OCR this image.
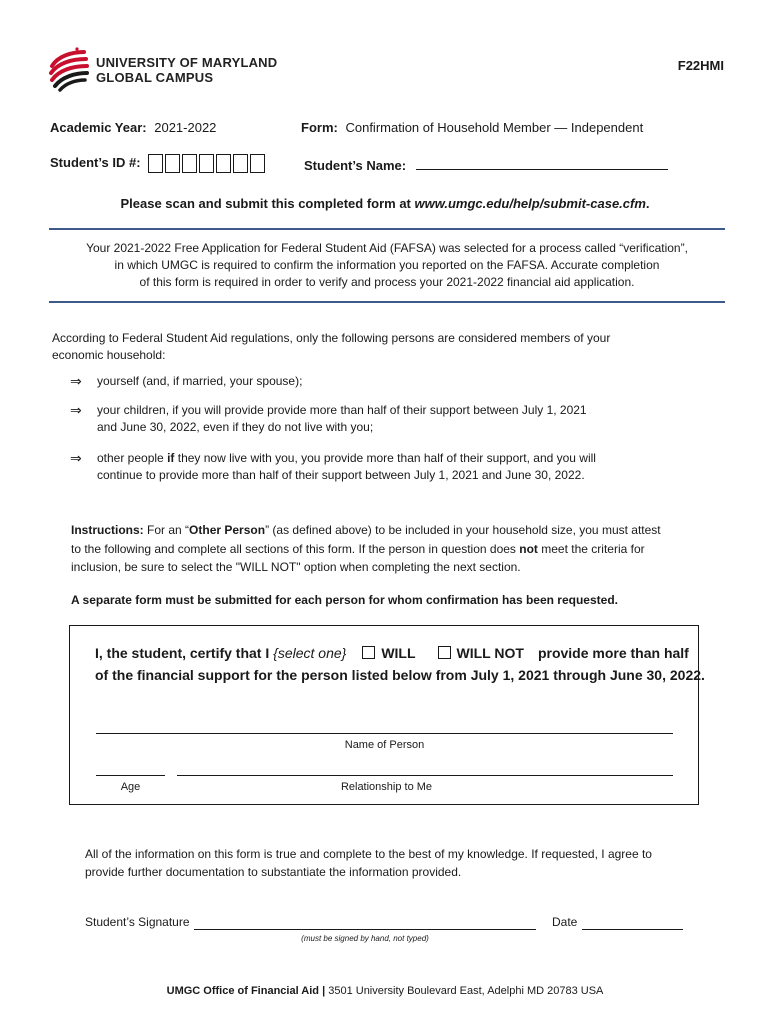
UNIVERSITY OF MARYLAND
GLOBAL CAMPUS
F22HMI
Academic Year: 2021-2022	Form: Confirmation of Household Member — Independent
Student’s ID #:	Student’s Name:
Please scan and submit this completed form at www.umgc.edu/help/submit-case.cfm.
Your 2021-2022 Free Application for Federal Student Aid (FAFSA) was selected for a process called “verification”,
in which UMGC is required to confirm the information you reported on the FAFSA. Accurate completion
of this form is required in order to verify and process your 2021-2022 financial aid application.
According to Federal Student Aid regulations, only the following persons are considered members of your
economic household:
⇒ yourself (and, if married, your spouse);
⇒ your children, if you will provide provide more than half of their support between July 1, 2021
and June 30, 2022, even if they do not live with you;
⇒ other people if they now live with you, you provide more than half of their support, and you will
continue to provide more than half of their support between July 1, 2021 and June 30, 2022.
Instructions: For an “Other Person” (as defined above) to be included in your household size, you must attest
to the following and complete all sections of this form. If the person in question does not meet the criteria for
inclusion, be sure to select the "WILL NOT" option when completing the next section.
A separate form must be submitted for each person for whom confirmation has been requested.
I, the student, certify that I {select one}	WILL	WILL NOT provide more than half
of the financial support for the person listed below from July 1, 2021 through June 30, 2022.
Name of Person
Age	Relationship to Me
All of the information on this form is true and complete to the best of my knowledge. If requested, I agree to
provide further documentation to substantiate the information provided.
Student’s Signature	Date
(must be signed by hand, not typed)
UMGC Office of Financial Aid | 3501 University Boulevard East, Adelphi MD 20783 USA
